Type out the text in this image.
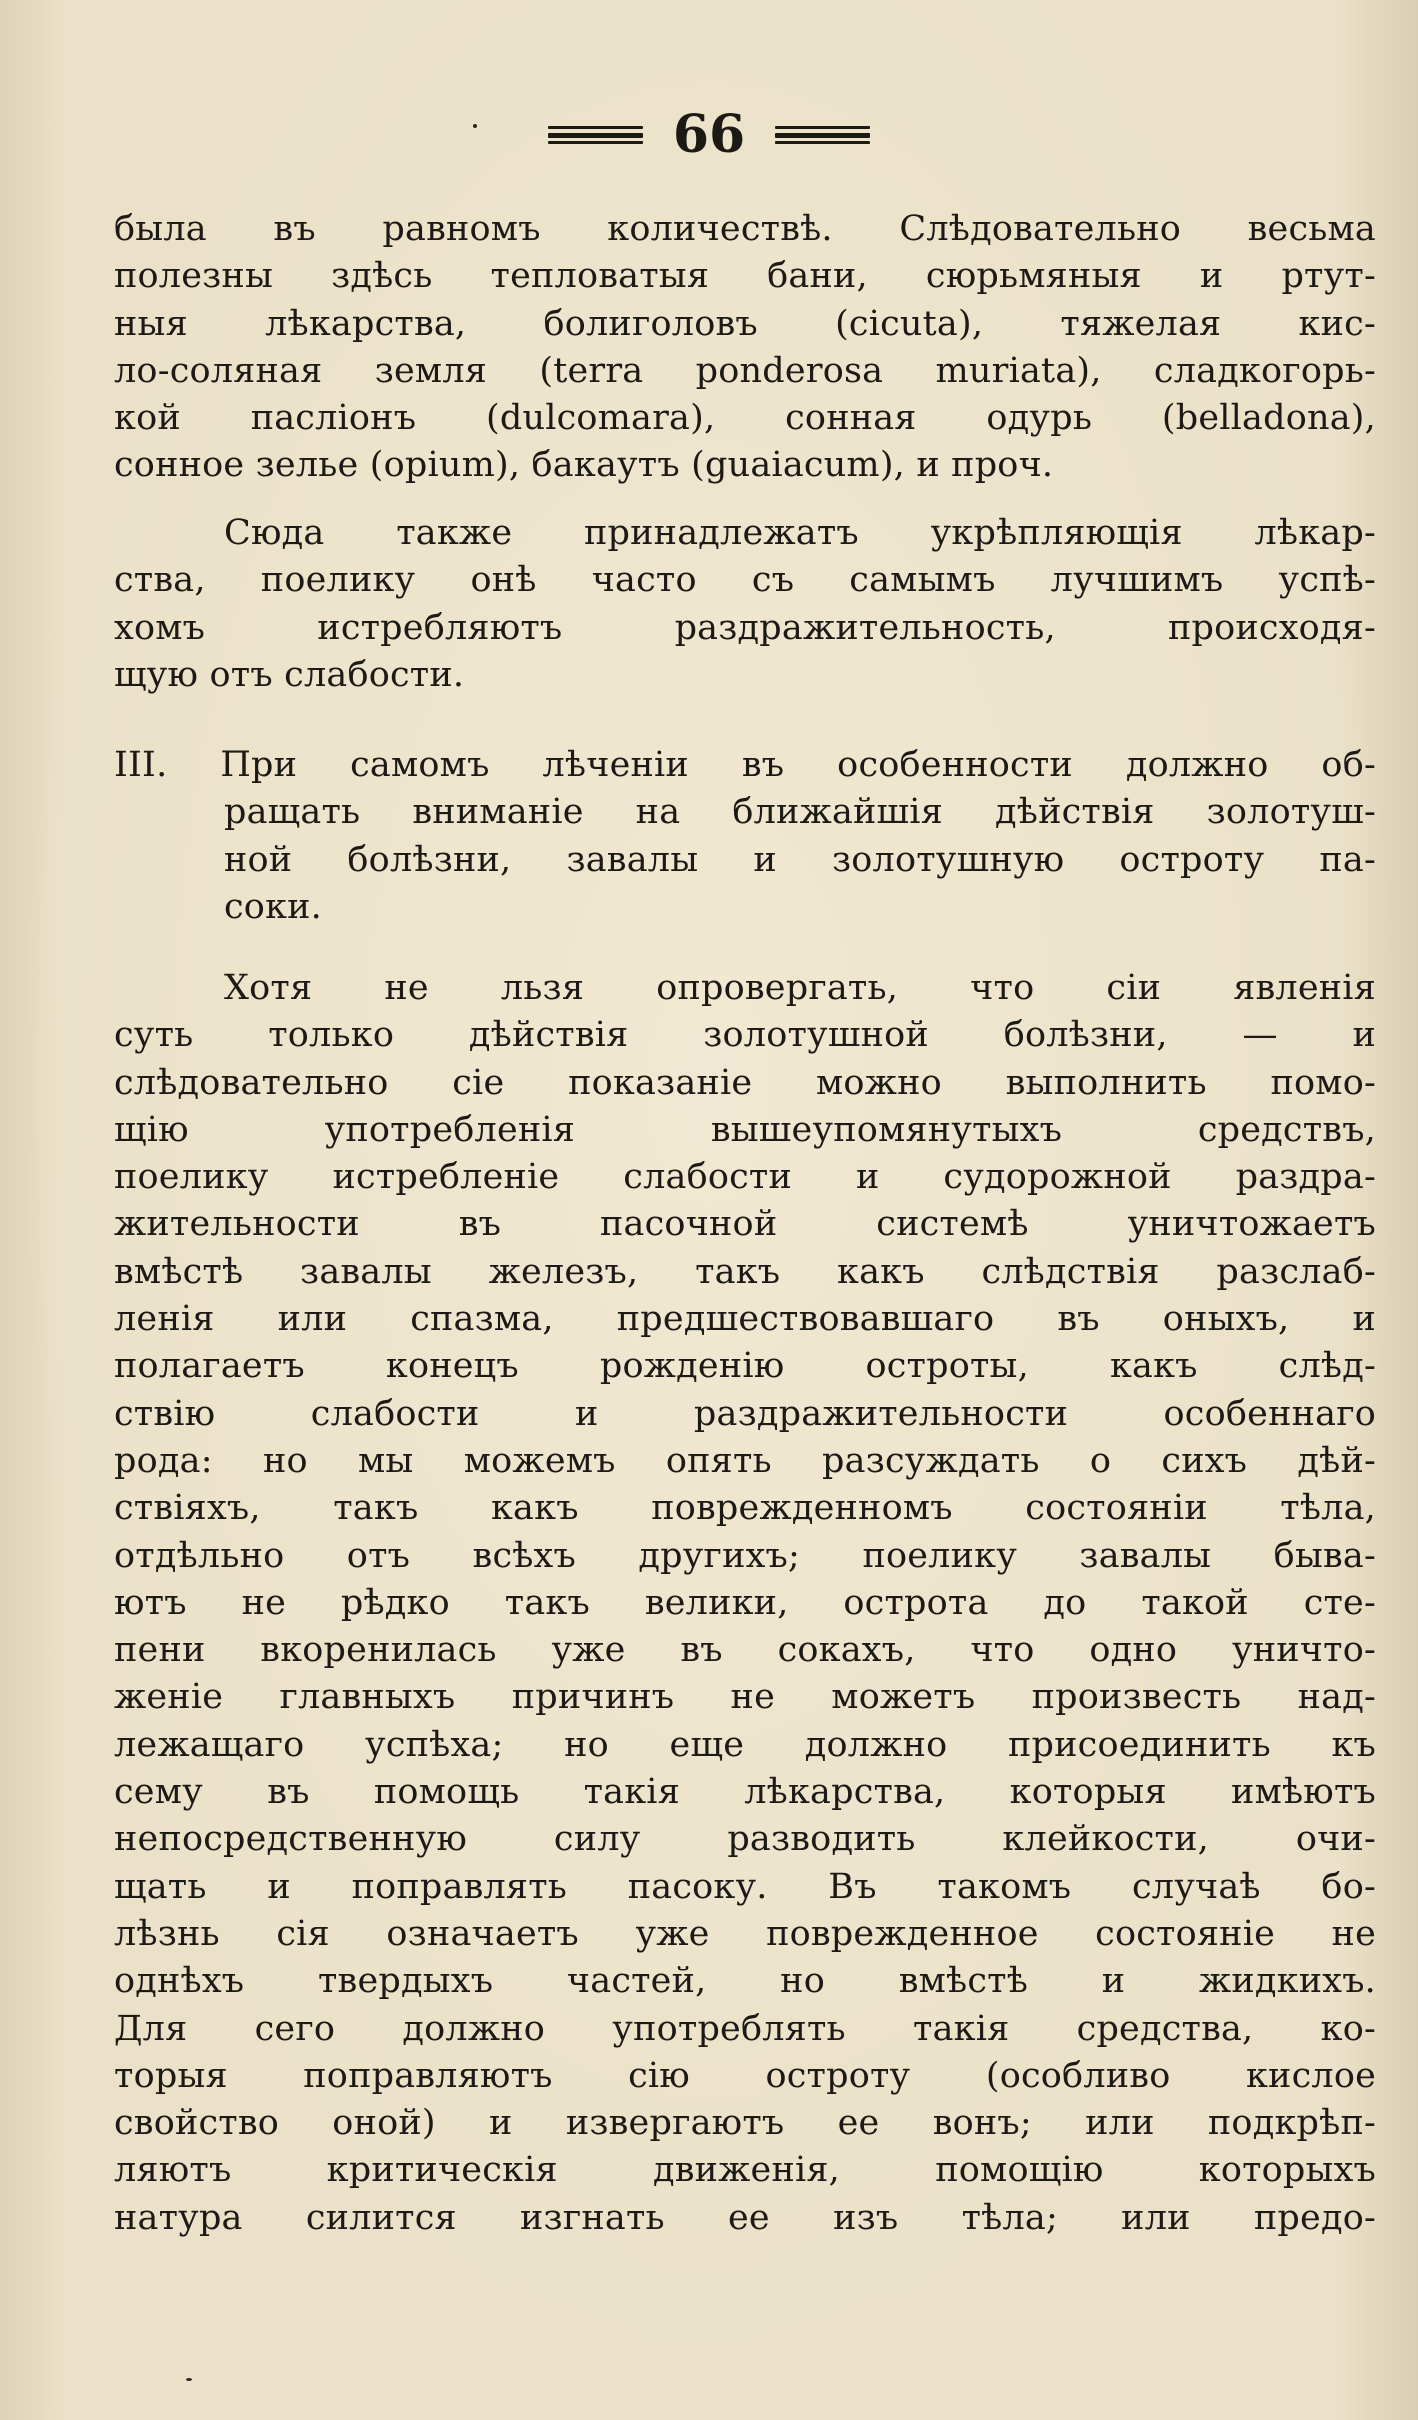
66
была въ равномъ количествѣ. Слѣдовательно весьма
полезны здѣсь тепловатыя бани, сюрьмяныя и ртут-
ныя лѣкарства, болиголовъ (cicuta), тяжелая кис-
ло-соляная земля (terra ponderosa muriata), сладкогорь-
кой пасліонъ (dulcomara), сонная одурь (belladona),
сонное зелье (opium), бакаутъ (guaiacum), и проч.
Сюда также принадлежатъ укрѣпляющія лѣкар-
ства, поелику онѣ часто съ самымъ лучшимъ успѣ-
хомъ истребляютъ раздражительность, происходя-
щую отъ слабости.
III. При самомъ лѣченіи въ особенности должно об-
ращать вниманіе на ближайшія дѣйствія золотуш-
ной болѣзни, завалы и золотушную остроту па-
соки.
Хотя не льзя опровергать, что сіи явленія
суть только дѣйствія золотушной болѣзни, — и
слѣдовательно сіе показаніе можно выполнить помо-
щію употребленія вышеупомянутыхъ средствъ,
поелику истребленіе слабости и судорожной раздра-
жительности въ пасочной системѣ уничтожаетъ
вмѣстѣ завалы железъ, такъ какъ слѣдствія разслаб-
ленія или спазма, предшествовавшаго въ оныхъ, и
полагаетъ конецъ рожденію остроты, какъ слѣд-
ствію слабости и раздражительности особеннаго
рода: но мы можемъ опять разсуждать о сихъ дѣй-
ствіяхъ, такъ какъ поврежденномъ состояніи тѣла,
отдѣльно отъ всѣхъ другихъ; поелику завалы быва-
ютъ не рѣдко такъ велики, острота до такой сте-
пени вкоренилась уже въ сокахъ, что одно уничто-
женіе главныхъ причинъ не можетъ произвесть над-
лежащаго успѣха; но еще должно присоединить къ
сему въ помощь такія лѣкарства, которыя имѣютъ
непосредственную силу разводить клейкости, очи-
щать и поправлять пасоку. Въ такомъ случаѣ бо-
лѣзнь сія означаетъ уже поврежденное состояніе не
однѣхъ твердыхъ частей, но вмѣстѣ и жидкихъ.
Для сего должно употреблять такія средства, ко-
торыя поправляютъ сію остроту (особливо кислое
свойство оной) и извергаютъ ее вонъ; или подкрѣп-
ляютъ критическія движенія, помощію которыхъ
натура силится изгнать ее изъ тѣла; или предо-
